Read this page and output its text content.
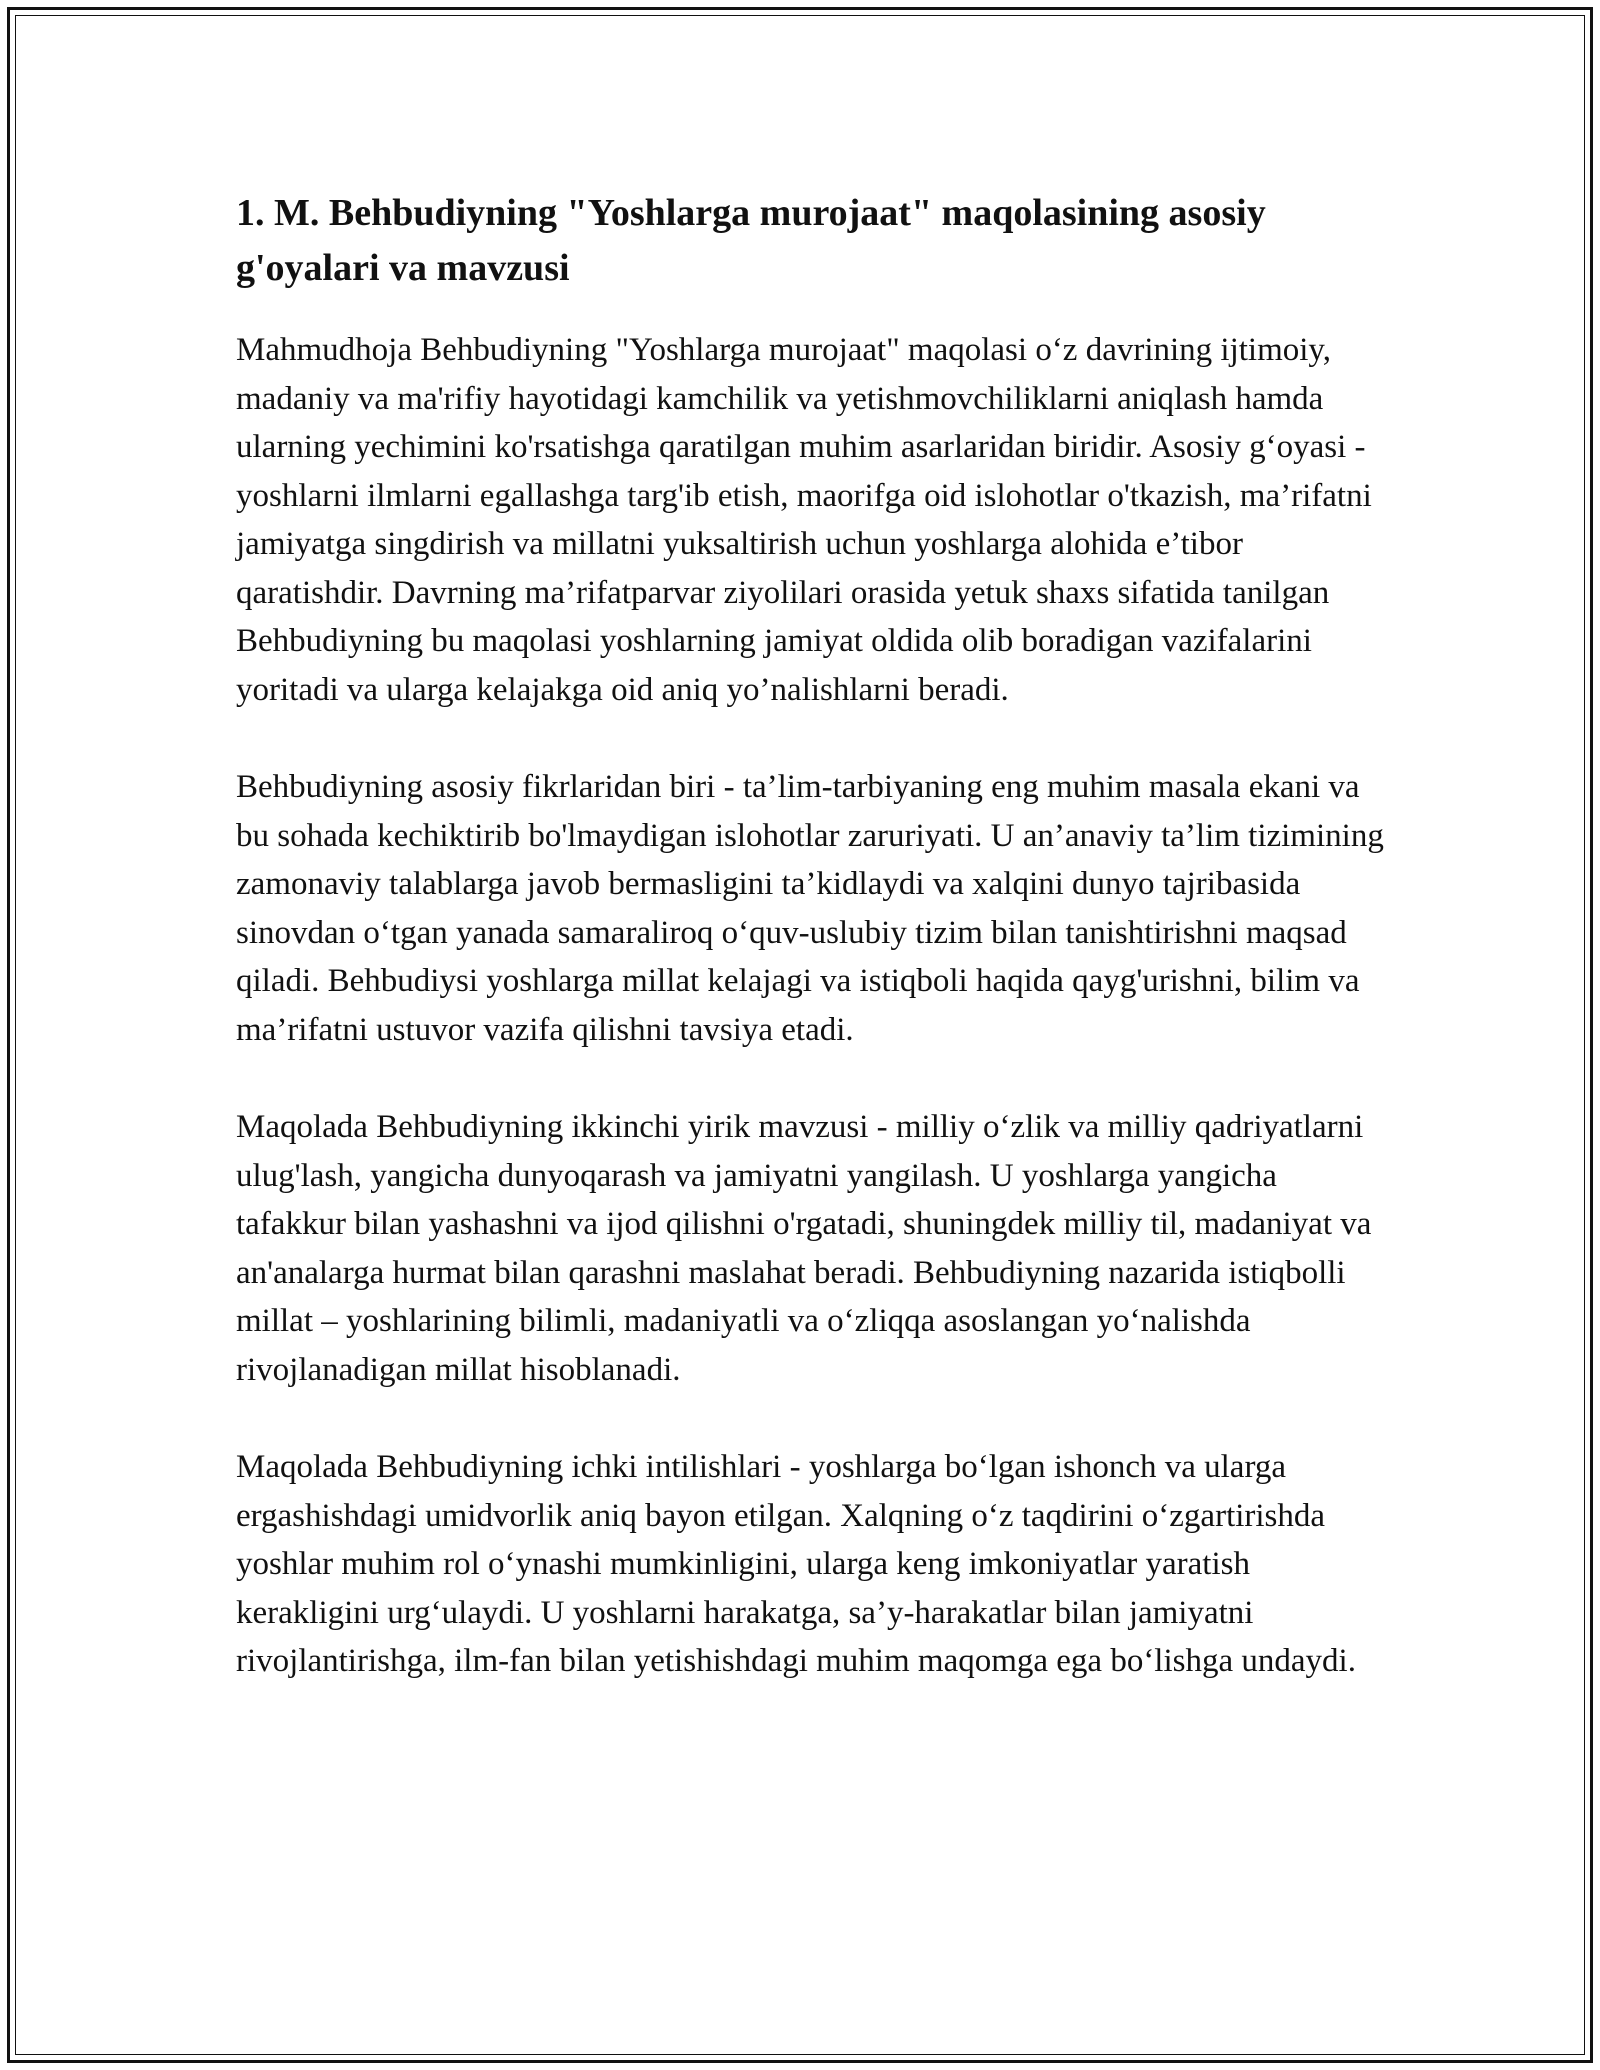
1. M. Behbudiyning "Yoshlarga murojaat" maqolasining asosiy g'oyalari va mavzusi

Mahmudhoja Behbudiyning "Yoshlarga murojaat" maqolasi o‘z davrining ijtimoiy, madaniy va ma'rifiy hayotidagi kamchilik va yetishmovchiliklarni aniqlash hamda ularning yechimini ko'rsatishga qaratilgan muhim asarlaridan biridir. Asosiy g‘oyasi - yoshlarni ilmlarni egallashga targ'ib etish, maorifga oid islohotlar o'tkazish, ma’rifatni jamiyatga singdirish va millatni yuksaltirish uchun yoshlarga alohida e’tibor qaratishdir. Davrning ma’rifatparvar ziyolilari orasida yetuk shaxs sifatida tanilgan Behbudiyning bu maqolasi yoshlarning jamiyat oldida olib boradigan vazifalarini yoritadi va ularga kelajakga oid aniq yo’nalishlarni beradi.

Behbudiyning asosiy fikrlaridan biri - ta’lim-tarbiyaning eng muhim masala ekani va bu sohada kechiktirib bo'lmaydigan islohotlar zaruriyati. U an’anaviy ta’lim tizimining zamonaviy talablarga javob bermasligini ta’kidlaydi va xalqini dunyo tajribasida sinovdan o‘tgan yanada samaraliroq o‘quv-uslubiy tizim bilan tanishtirishni maqsad qiladi. Behbudiysi yoshlarga millat kelajagi va istiqboli haqida qayg'urishni, bilim va ma’rifatni ustuvor vazifa qilishni tavsiya etadi.

Maqolada Behbudiyning ikkinchi yirik mavzusi - milliy o‘zlik va milliy qadriyatlarni ulug'lash, yangicha dunyoqarash va jamiyatni yangilash. U yoshlarga yangicha tafakkur bilan yashashni va ijod qilishni o'rgatadi, shuningdek milliy til, madaniyat va an'analarga hurmat bilan qarashni maslahat beradi. Behbudiyning nazarida istiqbolli millat – yoshlarining bilimli, madaniyatli va o‘zliqqa asoslangan yo‘nalishda rivojlanadigan millat hisoblanadi.

Maqolada Behbudiyning ichki intilishlari - yoshlarga bo‘lgan ishonch va ularga ergashishdagi umidvorlik aniq bayon etilgan. Xalqning o‘z taqdirini o‘zgartirishda yoshlar muhim rol o‘ynashi mumkinligini, ularga keng imkoniyatlar yaratish kerakligini urg‘ulaydi. U yoshlarni harakatga, sa’y-harakatlar bilan jamiyatni rivojlantirishga, ilm-fan bilan yetishishdagi muhim maqomga ega bo‘lishga undaydi.
